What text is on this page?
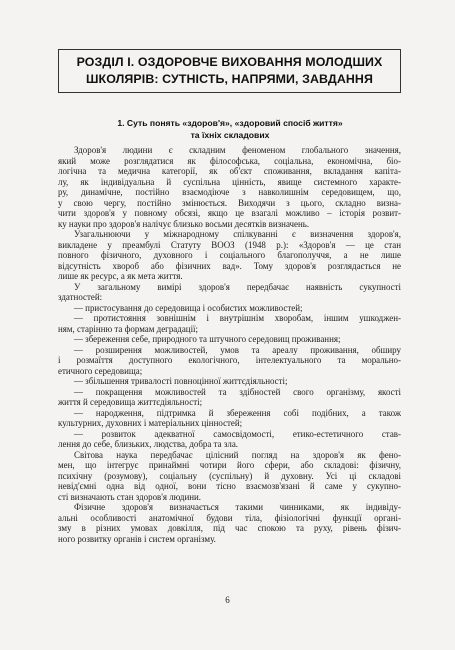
РОЗДІЛ І. ОЗДОРОВЧЕ ВИХОВАННЯ МОЛОДШИХ
ШКОЛЯРІВ: СУТНІСТЬ, НАПРЯМИ, ЗАВДАННЯ
1. Суть понять «здоров'я», «здоровий спосіб життя»
та їхніх складових

Здоров'я людини є складним феноменом глобального значення,

який може розглядатися як філософська, соціальна, економічна, біо-

логічна та медична категорії, як об'єкт споживання, вкладання капіта-

лу, як індивідуальна й суспільна цінність, явище системного характе-

ру, динамічне, постійно взаємодіюче з навколишнім середовищем, що,

у свою чергу, постійно змінюється. Виходячи з цього, складно визна-

чити здоров'я у повному обсязі, якщо це взагалі можливо – історія розвит-

ку науки про здоров'я налічує близько восьми десятків визначень.

Узагальнюючи у міжнародному спілкуванні є визначення здоров'я,

викладене у преамбулі Статуту ВООЗ (1948 р.): «Здоров'я — це стан

повного фізичного, духовного і соціального благополуччя, а не лише

відсутність хвороб або фізичних вад». Тому здоров'я розглядається не

лише як ресурс, а як мета життя.

У загальному вимірі здоров'я передбачає наявність сукупності

здатностей:

— пристосування до середовища і особистих можливостей;

— протистояння зовнішнім і внутрішнім хворобам, іншим ушкоджен-

ням, старінню та формам деградації;

— збереження себе, природного та штучного середовищ проживання;

— розширення можливостей, умов та ареалу проживання, обширу

і розмаїття доступного екологічного, інтелектуального та морально-

етичного середовища;

— збільшення тривалості повноцінної життєдіяльності;

— покращення можливостей та здібностей свого організму, якості

життя й середовища життєдіяльності;

— народження, підтримка й збереження собі подібних, а також

культурних, духовних і матеріальних цінностей;

— розвиток адекватної самосвідомості, етико-естетичного став-

лення до себе, близьких, людства, добра та зла.

Світова наука передбачає цілісний погляд на здоров'я як фено-

мен, що інтегрує принаймні чотири його сфери, або складові: фізичну,

психічну (розумову), соціальну (суспільну) й духовну. Усі ці складові

невід'ємні одна від одної, вони тісно взаємозв'язані й саме у сукупно-

сті визначають стан здоров'я людини.

Фізичне здоров'я визначається такими чинниками, як індивіду-

альні особливості анатомічної будови тіла, фізіологічні функції органі-

зму в різних умовах довкілля, під час спокою та руху, рівень фізич-

ного розвитку органів і систем організму.

6
